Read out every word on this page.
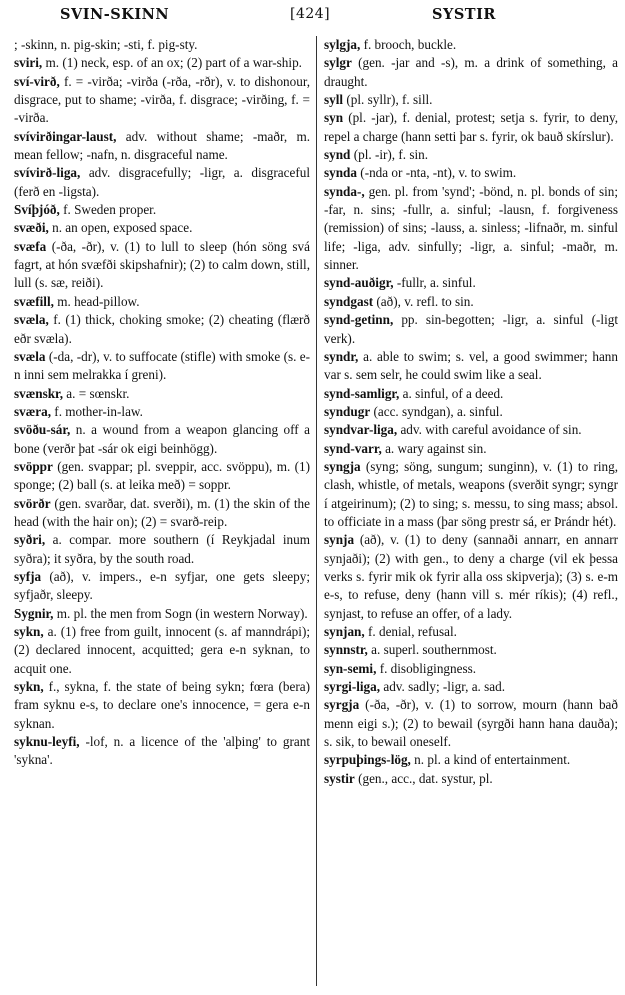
SVIN-SKINN	[424]	SYSTIR

; -skinn, n. pig-skin; -sti, f. pig-sty.

sviri, m. (1) neck, esp. of an ox; (2) part of a war-ship.

sví-virð, f. = -virða; -virða (-rða, -rðr), v. to dishonour, disgrace, put to shame; -virða, f. disgrace; -virðing, f. = -virða.

svívirðingar-laust, adv. without shame; -maðr, m. mean fellow; -nafn, n. disgraceful name.

svívirð-liga, adv. disgracefully; -ligr, a. disgraceful (ferð en -ligsta).

Svíþjóð, f. Sweden proper.

svæði, n. an open, exposed space.

svæfa (-ða, -ðr), v. (1) to lull to sleep (hón söng svá fagrt, at hón svæfði skipshafnir); (2) to calm down, still, lull (s. sæ, reiði).

svæfill, m. head-pillow.

svæla, f. (1) thick, choking smoke; (2) cheating (flærð eðr svæla).

svæla (-da, -dr), v. to suffocate (stifle) with smoke (s. e-n inni sem melrakka í greni).

svænskr, a. = sœnskr.

sværa, f. mother-in-law.

svöðu-sár, n. a wound from a weapon glancing off a bone (verðr þat -sár ok eigi beinhögg).

svöppr (gen. svappar; pl. sveppir, acc. svöppu), m. (1) sponge; (2) ball (s. at leika með) = soppr.

svörðr (gen. svarðar, dat. sverði), m. (1) the skin of the head (with the hair on); (2) = svarð-reip.

syðri, a. compar. more southern (í Reykjadal inum syðra); it syðra, by the south road.

syfja (að), v. impers., e-n syfjar, one gets sleepy; syfjaðr, sleepy.

Sygnir, m. pl. the men from Sogn (in western Norway).

sykn, a. (1) free from guilt, innocent (s. af manndrápi); (2) declared innocent, acquitted; gera e-n syknan, to acquit one.

sykn, f., sykna, f. the state of being sykn; fœra (bera) fram syknu e-s, to declare one's innocence, = gera e-n syknan.

syknu-leyfi, -lof, n. a licence of the 'alþing' to grant 'sykna'.

sylgja, f. brooch, buckle.

sylgr (gen. -jar and -s), m. a drink of something, a draught.

syll (pl. syllr), f. sill.

syn (pl. -jar), f. denial, protest; setja s. fyrir, to deny, repel a charge (hann setti þar s. fyrir, ok bauð skírslur).

synd (pl. -ir), f. sin.

synda (-nda or -nta, -nt), v. to swim.

synda-, gen. pl. from 'synd'; -bönd, n. pl. bonds of sin; -far, n. sins; -fullr, a. sinful; -lausn, f. forgiveness (remission) of sins; -lauss, a. sinless; -lifnaðr, m. sinful life; -liga, adv. sinfully; -ligr, a. sinful; -maðr, m. sinner.

synd-auðigr, -fullr, a. sinful.

syndgast (að), v. refl. to sin.

synd-getinn, pp. sin-begotten; -ligr, a. sinful (-ligt verk).

syndr, a. able to swim; s. vel, a good swimmer; hann var s. sem selr, he could swim like a seal.

synd-samligr, a. sinful, of a deed.

syndugr (acc. syndgan), a. sinful.

syndvar-liga, adv. with careful avoidance of sin.

synd-varr, a. wary against sin.

syngja (syng; söng, sungum; sunginn), v. (1) to ring, clash, whistle, of metals, weapons (sverðit syngr; syngr í atgeirinum); (2) to sing; s. messu, to sing mass; absol. to officiate in a mass (þar söng prestr sá, er Þrándr hét).

synja (að), v. (1) to deny (sannaði annarr, en annarr synjaði); (2) with gen., to deny a charge (vil ek þessa verks s. fyrir mik ok fyrir alla oss skipverja); (3) s. e-m e-s, to refuse, deny (hann vill s. mér ríkis); (4) refl., synjast, to refuse an offer, of a lady.

synjan, f. denial, refusal.

synnstr, a. superl. southernmost.

syn-semi, f. disobligingness.

syrgi-liga, adv. sadly; -ligr, a. sad.

syrgja (-ða, -ðr), v. (1) to sorrow, mourn (hann bað menn eigi s.); (2) to bewail (syrgði hann hana dauða); s. sik, to bewail oneself.

syrpuþings-lög, n. pl. a kind of entertainment.

systir (gen., acc., dat. systur, pl.
